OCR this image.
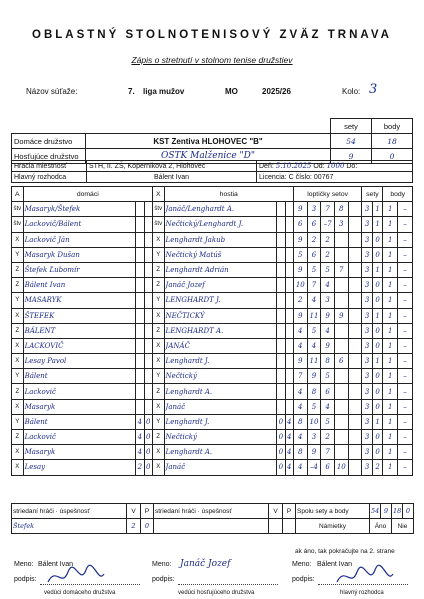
OBLASTNÝ STOLNOTENISOVÝ ZVÄZ TRNAVA
Zápis o stretnutí v stolnom tenise družstiev
Názov súťaže:	7. liga mužov	MO	2025/26	Kolo: 3
		sety	body
Domáce družstvo	KST Zentiva HLOHOVEC "B"	54	18
Hosťujúce družstvo	OSTK Malženice "D"	9	0
Hracia miestnosť	STH, II. ZŠ, Kopernikova 2, Hlohovec	Deň: 5.10.2025 Od: 1000 Do:
Hlavný rozhodca	Bálent Ivan	Licencia: C číslo: 00767
A	domáci			X	hostia			loptičky setov					sety		body	
štv	Masaryk/Štefek			štv	Janáč/Lenghardt A.			9	3	7	8		3	1	1	–
štv	Lackovič/Bálent			štv	Nečtický/Lenghardt J.			6	6	–7	3		3	1	1	–
X	Lackovič Ján			X	Lenghardt Jakub			9	2	2			3	0	1	–
Y	Masaryk Dušan			Y	Nečtický Matúš			5	6	2			3	0	1	–
Z	Štefek Ľubomír			Z	Lenghardt Adrián			9	5	5	7		3	1	1	–
Z	Bálent Ivan			Z	Janáč Jozef			10	7	4			3	0	1	–
Y	MASARYK			Y	LENGHARDT J.			2	4	3			3	0	1	–
X	ŠTEFEK			X	NEČTICKÝ			9	11	9	9		3	1	1	–
Z	BÁLENT			Z	LENGHARDT A.			4	5	4			3	0	1	–
X	LACKOVIČ			X	JANÁČ			4	4	9			3	0	1	–
X	Lesay Pavol			X	Lenghardt J.			9	11	8	6		3	1	1	–
Y	Bálent			Y	Nečtický			7	9	5			3	0	1	–
Z	Lackovič			Z	Lenghardt A.			4	8	6			3	0	1	–
X	Masaryk			X	Janáč			4	5	4			3	0	1	–
Y	Bálent	4	0	Y	Lenghardt J.	0	4	8	10	5			3	1	1	–
Z	Lackovič	4	0	Z	Nečtický	0	4	4	3	2			3	0	1	–
X	Masaryk	4	0	X	Lenghardt A.	0	4	8	9	7			3	0	1	–
X	Lesay	2	0	X	Janáč	0	4	4	–4	6	10		3	2	1	–
striedaní hráči · úspešnosť	V	P	striedaní hráči · úspešnosť	V	P	Spolu sety a body	54	9	18	0
Štefek	2	0				Námietky	Áno		Nie	
ak áno, tak pokračujte na 2. strane
Meno: Bálent Ivan	Meno: Janáč Jozef	Meno: Bálent Ivan
podpis:	podpis:	podpis:
vedúci domáceho družstva	vedúci hosťujúceho družstva	hlavný rozhodca
